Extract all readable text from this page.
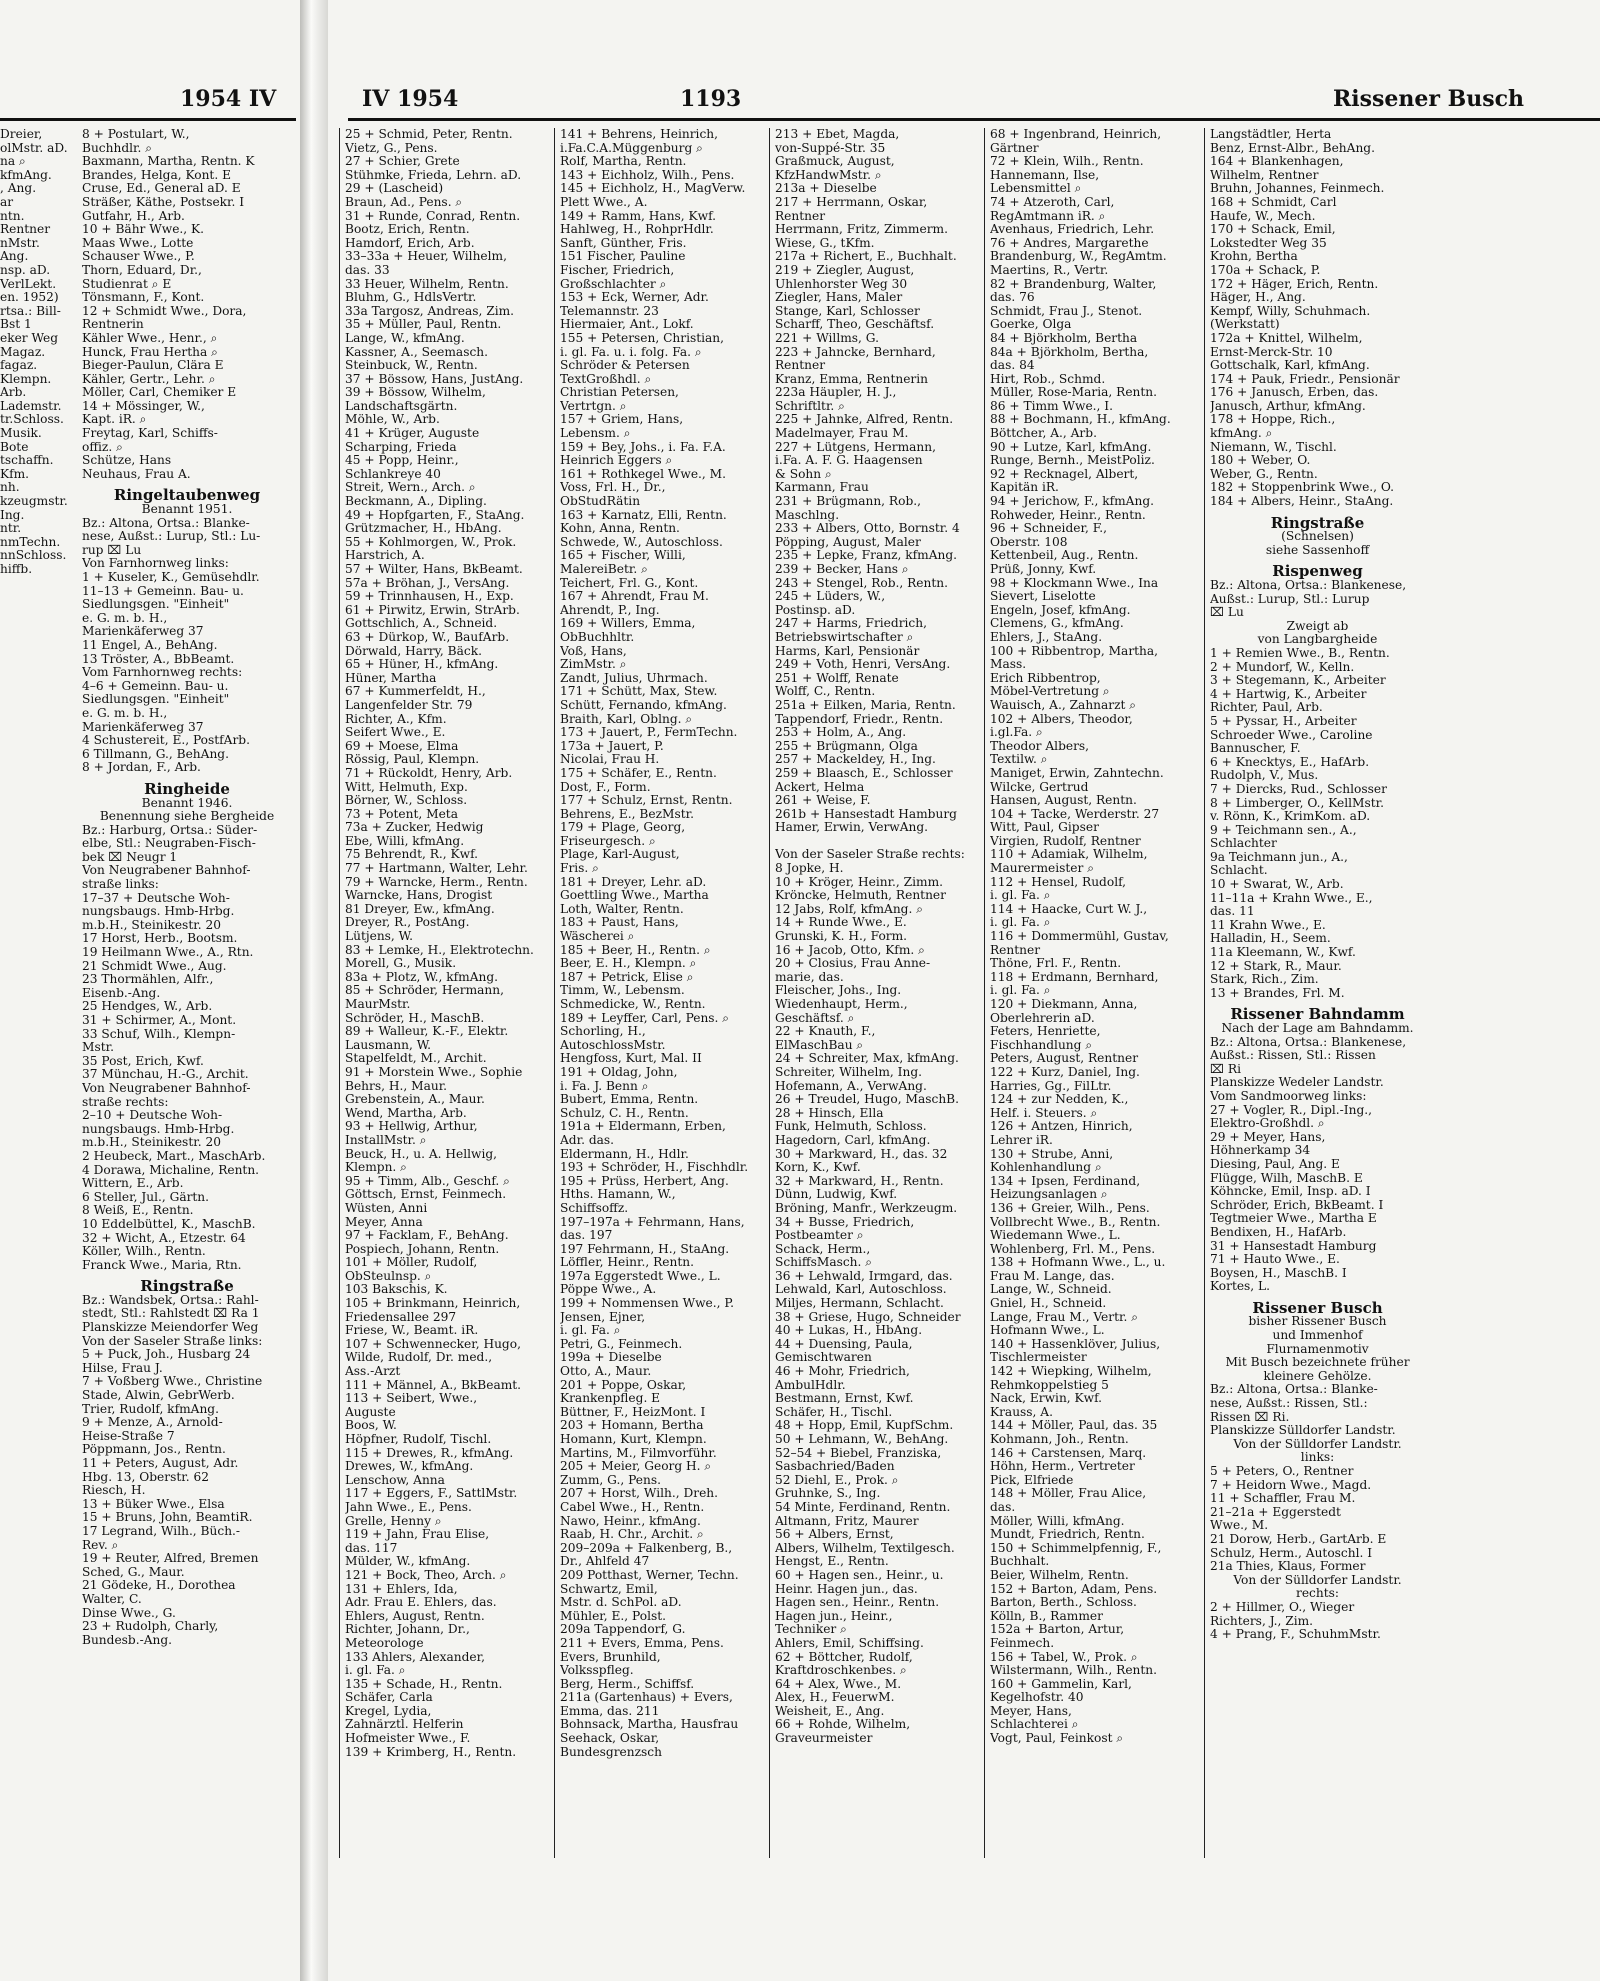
1954 IV
Dreier,
olMstr. aD.
na ⌕
kfmAng.
, Ang.
ar
ntn.
Rentner
nMstr.
Ang.
nsp. aD.
VerlLekt.
en. 1952)
rtsa.: Bill-
Bst 1
eker Weg
Magaz.
fagaz.
Klempn.
Arb.
Lademstr.
tr.Schloss.
Musik.
Bote
tschaffn.
Kfm.
nh.
kzeugmstr.
Ing.
ntr.
nmTechn.
nnSchloss.
hiffb.
IV 1954	1193	Rissener Busch
8 + Postulart, W.,
Buchhdlr. ⌕
Baxmann, Martha, Rentn. K
Brandes, Helga, Kont. E
Cruse, Ed., General aD. E
Sträßer, Käthe, Postsekr. I
Gutfahr, H., Arb.
10 + Bähr Wwe., K.
Maas Wwe., Lotte
Schauser Wwe., P.
Thorn, Eduard, Dr.,
Studienrat ⌕ E
Tönsmann, F., Kont.
12 + Schmidt Wwe., Dora,
Rentnerin
Kähler Wwe., Henr., ⌕
Hunck, Frau Hertha ⌕
Bieger-Paulun, Clära E
Kähler, Gertr., Lehr. ⌕
Möller, Carl, Chemiker E
14 + Mössinger, W.,
Kapt. iR. ⌕
Freytag, Karl, Schiffs-
offiz. ⌕
Schütze, Hans
Neuhaus, Frau A.
Ringeltaubenweg
Benannt 1951.
Bz.: Altona, Ortsa.: Blanke-
nese, Außst.: Lurup, Stl.: Lu-
rup ⌧ Lu
Von Farnhornweg links:
1 + Kuseler, K., Gemüsehdlr.
11–13 + Gemeinn. Bau- u.
Siedlungsgen. "Einheit"
e. G. m. b. H.,
Marienkäferweg 37
11 Engel, A., BehAng.
13 Tröster, A., BbBeamt.
Vom Farnhornweg rechts:
4–6 + Gemeinn. Bau- u.
Siedlungsgen. "Einheit"
e. G. m. b. H.,
Marienkäferweg 37
4 Schustereit, E., PostfArb.
6 Tillmann, G., BehAng.
8 + Jordan, F., Arb.
Ringheide
Benannt 1946.
Benennung siehe Bergheide
Bz.: Harburg, Ortsa.: Süder-
elbe, Stl.: Neugraben-Fisch-
bek ⌧ Neugr 1
Von Neugrabener Bahnhof-
straße links:
17–37 + Deutsche Woh-
nungsbaugs. Hmb-Hrbg.
m.b.H., Steinikestr. 20
17 Horst, Herb., Bootsm.
19 Heilmann Wwe., A., Rtn.
21 Schmidt Wwe., Aug.
23 Thormählen, Alfr.,
Eisenb.-Ang.
25 Hendges, W., Arb.
31 + Schirmer, A., Mont.
33 Schuf, Wilh., Klempn-
Mstr.
35 Post, Erich, Kwf.
37 Münchau, H.-G., Archit.
Von Neugrabener Bahnhof-
straße rechts:
2–10 + Deutsche Woh-
nungsbaugs. Hmb-Hrbg.
m.b.H., Steinikestr. 20
2 Heubeck, Mart., MaschArb.
4 Dorawa, Michaline, Rentn.
Wittern, E., Arb.
6 Steller, Jul., Gärtn.
8 Weiß, E., Rentn.
10 Eddelbüttel, K., MaschB.
32 + Wicht, A., Etzestr. 64
Köller, Wilh., Rentn.
Franck Wwe., Maria, Rtn.
Ringstraße
Bz.: Wandsbek, Ortsa.: Rahl-
stedt, Stl.: Rahlstedt ⌧ Ra 1
Planskizze Meiendorfer Weg
Von der Saseler Straße links:
5 + Puck, Joh., Husbarg 24
Hilse, Frau J.
7 + Voßberg Wwe., Christine
Stade, Alwin, GebrWerb.
Trier, Rudolf, kfmAng.
9 + Menze, A., Arnold-
Heise-Straße 7
Pöppmann, Jos., Rentn.
11 + Peters, August, Adr.
Hbg. 13, Oberstr. 62
Riesch, H.
13 + Büker Wwe., Elsa
15 + Bruns, John, BeamtiR.
17 Legrand, Wilh., Büch.-
Rev. ⌕
19 + Reuter, Alfred, Bremen
Sched, G., Maur.
21 Gödeke, H., Dorothea
Walter, C.
Dinse Wwe., G.
23 + Rudolph, Charly,
Bundesb.-Ang.
25 + Schmid, Peter, Rentn.
Vietz, G., Pens.
27 + Schier, Grete
Stühmke, Frieda, Lehrn. aD.
29 + (Lascheid)
Braun, Ad., Pens. ⌕
31 + Runde, Conrad, Rentn.
Bootz, Erich, Rentn.
Hamdorf, Erich, Arb.
33–33a + Heuer, Wilhelm,
das. 33
33 Heuer, Wilhelm, Rentn.
Bluhm, G., HdlsVertr.
33a Targosz, Andreas, Zim.
35 + Müller, Paul, Rentn.
Lange, W., kfmAng.
Kassner, A., Seemasch.
Steinbuck, W., Rentn.
37 + Bössow, Hans, JustAng.
39 + Bössow, Wilhelm,
Landschaftsgärtn.
Möhle, W., Arb.
41 + Krüger, Auguste
Scharping, Frieda
45 + Popp, Heinr.,
Schlankreye 40
Streit, Wern., Arch. ⌕
Beckmann, A., Dipling.
49 + Hopfgarten, F., StaAng.
Grützmacher, H., HbAng.
55 + Kohlmorgen, W., Prok.
Harstrich, A.
57 + Wilter, Hans, BkBeamt.
57a + Bröhan, J., VersAng.
59 + Trinnhausen, H., Exp.
61 + Pirwitz, Erwin, StrArb.
Gottschlich, A., Schneid.
63 + Dürkop, W., BaufArb.
Dörwald, Harry, Bäck.
65 + Hüner, H., kfmAng.
Hüner, Martha
67 + Kummerfeldt, H.,
Langenfelder Str. 79
Richter, A., Kfm.
Seifert Wwe., E.
69 + Moese, Elma
Rössig, Paul, Klempn.
71 + Rückoldt, Henry, Arb.
Witt, Helmuth, Exp.
Börner, W., Schloss.
73 + Potent, Meta
73a + Zucker, Hedwig
Ebe, Willi, kfmAng.
75 Behrendt, R., Kwf.
77 + Hartmann, Walter, Lehr.
79 + Warncke, Herm., Rentn.
Warncke, Hans, Drogist
81 Dreyer, Ew., kfmAng.
Dreyer, R., PostAng.
Lütjens, W.
83 + Lemke, H., Elektrotechn.
Morell, G., Musik.
83a + Plotz, W., kfmAng.
85 + Schröder, Hermann,
MaurMstr.
Schröder, H., MaschB.
89 + Walleur, K.-F., Elektr.
Lausmann, W.
Stapelfeldt, M., Archit.
91 + Morstein Wwe., Sophie
Behrs, H., Maur.
Grebenstein, A., Maur.
Wend, Martha, Arb.
93 + Hellwig, Arthur,
InstallMstr. ⌕
Beuck, H., u. A. Hellwig,
Klempn. ⌕
95 + Timm, Alb., Geschf. ⌕
Göttsch, Ernst, Feinmech.
Wüsten, Anni
Meyer, Anna
97 + Facklam, F., BehAng.
Pospiech, Johann, Rentn.
101 + Möller, Rudolf,
ObSteulnsp. ⌕
103 Bakschis, K.
105 + Brinkmann, Heinrich,
Friedensallee 297
Friese, W., Beamt. iR.
107 + Schwennecker, Hugo,
Wilde, Rudolf, Dr. med.,
Ass.-Arzt
111 + Männel, A., BkBeamt.
113 + Seibert, Wwe.,
Auguste
Boos, W.
Höpfner, Rudolf, Tischl.
115 + Drewes, R., kfmAng.
Drewes, W., kfmAng.
Lenschow, Anna
117 + Eggers, F., SattlMstr.
Jahn Wwe., E., Pens.
Grelle, Henny ⌕
119 + Jahn, Frau Elise,
das. 117
Mülder, W., kfmAng.
121 + Bock, Theo, Arch. ⌕
131 + Ehlers, Ida,
Adr. Frau E. Ehlers, das.
Ehlers, August, Rentn.
Richter, Johann, Dr.,
Meteorologe
133 Ahlers, Alexander,
i. gl. Fa. ⌕
135 + Schade, H., Rentn.
Schäfer, Carla
Kregel, Lydia,
Zahnärztl. Helferin
Hofmeister Wwe., F.
139 + Krimberg, H., Rentn.
141 + Behrens, Heinrich,
i.Fa.C.A.Müggenburg ⌕
Rolf, Martha, Rentn.
143 + Eichholz, Wilh., Pens.
145 + Eichholz, H., MagVerw.
Plett Wwe., A.
149 + Ramm, Hans, Kwf.
Hahlweg, H., RohprHdlr.
Sanft, Günther, Fris.
151 Fischer, Pauline
Fischer, Friedrich,
Großschlachter ⌕
153 + Eck, Werner, Adr.
Telemannstr. 23
Hiermaier, Ant., Lokf.
155 + Petersen, Christian,
i. gl. Fa. u. i. folg. Fa. ⌕
Schröder & Petersen
TextGroßhdl. ⌕
Christian Petersen,
Vertrtgn. ⌕
157 + Griem, Hans,
Lebensm. ⌕
159 + Bey, Johs., i. Fa. F.A.
Heinrich Eggers ⌕
161 + Rothkegel Wwe., M.
Voss, Frl. H., Dr.,
ObStudRätin
163 + Karnatz, Elli, Rentn.
Kohn, Anna, Rentn.
Schwede, W., Autoschloss.
165 + Fischer, Willi,
MalereiBetr. ⌕
Teichert, Frl. G., Kont.
167 + Ahrendt, Frau M.
Ahrendt, P., Ing.
169 + Willers, Emma,
ObBuchhltr.
Voß, Hans,
ZimMstr. ⌕
Zandt, Julius, Uhrmach.
171 + Schütt, Max, Stew.
Schütt, Fernando, kfmAng.
Braith, Karl, Oblng. ⌕
173 + Jauert, P., FermTechn.
173a + Jauert, P.
Nicolai, Frau H.
175 + Schäfer, E., Rentn.
Dost, F., Form.
177 + Schulz, Ernst, Rentn.
Behrens, E., BezMstr.
179 + Plage, Georg,
Friseurgesch. ⌕
Plage, Karl-August,
Fris. ⌕
181 + Dreyer, Lehr. aD.
Goettling Wwe., Martha
Loth, Walter, Rentn.
183 + Paust, Hans,
Wäscherei ⌕
185 + Beer, H., Rentn. ⌕
Beer, E. H., Klempn. ⌕
187 + Petrick, Elise ⌕
Timm, W., Lebensm.
Schmedicke, W., Rentn.
189 + Leyffer, Carl, Pens. ⌕
Schorling, H.,
AutoschlossMstr.
Hengfoss, Kurt, Mal. II
191 + Oldag, John,
i. Fa. J. Benn ⌕
Bubert, Emma, Rentn.
Schulz, C. H., Rentn.
191a + Eldermann, Erben,
Adr. das.
Eldermann, H., Hdlr.
193 + Schröder, H., Fischhdlr.
195 + Prüss, Herbert, Ang.
Hths. Hamann, W.,
Schiffsoffz.
197–197a + Fehrmann, Hans,
das. 197
197 Fehrmann, H., StaAng.
Löffler, Heinr., Rentn.
197a Eggerstedt Wwe., L.
Pöppe Wwe., A.
199 + Nommensen Wwe., P.
Jensen, Ejner,
i. gl. Fa. ⌕
Petri, G., Feinmech.
199a + Dieselbe
Otto, A., Maur.
201 + Poppe, Oskar,
Krankenpfleg. E
Büttner, F., HeizMont. I
203 + Homann, Bertha
Homann, Kurt, Klempn.
Martins, M., Filmvorführ.
205 + Meier, Georg H. ⌕
Zumm, G., Pens.
207 + Horst, Wilh., Dreh.
Cabel Wwe., H., Rentn.
Nawo, Heinr., kfmAng.
Raab, H. Chr., Archit. ⌕
209–209a + Falkenberg, B.,
Dr., Ahlfeld 47
209 Potthast, Werner, Techn.
Schwartz, Emil,
Mstr. d. SchPol. aD.
Mühler, E., Polst.
209a Tappendorf, G.
211 + Evers, Emma, Pens.
Evers, Brunhild,
Volksspfleg.
Berg, Herm., Schiffsf.
211a (Gartenhaus) + Evers,
Emma, das. 211
Bohnsack, Martha, Hausfrau
Seehack, Oskar,
Bundesgrenzsch
213 + Ebet, Magda,
von-Suppé-Str. 35
Graßmuck, August,
KfzHandwMstr. ⌕
213a + Dieselbe
217 + Herrmann, Oskar,
Rentner
Herrmann, Fritz, Zimmerm.
Wiese, G., tKfm.
217a + Richert, E., Buchhalt.
219 + Ziegler, August,
Uhlenhorster Weg 30
Ziegler, Hans, Maler
Stange, Karl, Schlosser
Scharff, Theo, Geschäftsf.
221 + Willms, G.
223 + Jahncke, Bernhard,
Rentner
Kranz, Emma, Rentnerin
223a Häupler, H. J.,
Schriftltr. ⌕
225 + Jahnke, Alfred, Rentn.
Madelmayer, Frau M.
227 + Lütgens, Hermann,
i.Fa. A. F. G. Haagensen
& Sohn ⌕
Karmann, Frau
231 + Brügmann, Rob.,
Maschlng.
233 + Albers, Otto, Bornstr. 4
Pöpping, August, Maler
235 + Lepke, Franz, kfmAng.
239 + Becker, Hans ⌕
243 + Stengel, Rob., Rentn.
245 + Lüders, W.,
Postinsp. aD.
247 + Harms, Friedrich,
Betriebswirtschafter ⌕
Harms, Karl, Pensionär
249 + Voth, Henri, VersAng.
251 + Wolff, Renate
Wolff, C., Rentn.
251a + Eilken, Maria, Rentn.
Tappendorf, Friedr., Rentn.
253 + Holm, A., Ang.
255 + Brügmann, Olga
257 + Mackeldey, H., Ing.
259 + Blaasch, E., Schlosser
Ackert, Helma
261 + Weise, F.
261b + Hansestadt Hamburg
Hamer, Erwin, VerwAng.

Von der Saseler Straße rechts:
8 Jopke, H.
10 + Kröger, Heinr., Zimm.
Kröncke, Helmuth, Rentner
12 Jabs, Rolf, kfmAng. ⌕
14 + Runde Wwe., E.
Grunski, K. H., Form.
16 + Jacob, Otto, Kfm. ⌕
20 + Closius, Frau Anne-
marie, das.
Fleischer, Johs., Ing.
Wiedenhaupt, Herm.,
Geschäftsf. ⌕
22 + Knauth, F.,
ElMaschBau ⌕
24 + Schreiter, Max, kfmAng.
Schreiter, Wilhelm, Ing.
Hofemann, A., VerwAng.
26 + Treudel, Hugo, MaschB.
28 + Hinsch, Ella
Funk, Helmuth, Schloss.
Hagedorn, Carl, kfmAng.
30 + Markward, H., das. 32
Korn, K., Kwf.
32 + Markward, H., Rentn.
Dünn, Ludwig, Kwf.
Bröning, Manfr., Werkzeugm.
34 + Busse, Friedrich,
Postbeamter ⌕
Schack, Herm.,
SchiffsMasch. ⌕
36 + Lehwald, Irmgard, das.
Lehwald, Karl, Autoschloss.
Miljes, Hermann, Schlacht.
38 + Griese, Hugo, Schneider
40 + Lukas, H., HbAng.
44 + Duensing, Paula,
Gemischtwaren
46 + Mohr, Friedrich,
AmbulHdlr.
Bestmann, Ernst, Kwf.
Schäfer, H., Tischl.
48 + Hopp, Emil, KupfSchm.
50 + Lehmann, W., BehAng.
52–54 + Biebel, Franziska,
Sasbachried/Baden
52 Diehl, E., Prok. ⌕
Gruhnke, S., Ing.
54 Minte, Ferdinand, Rentn.
Altmann, Fritz, Maurer
56 + Albers, Ernst,
Albers, Wilhelm, Textilgesch.
Hengst, E., Rentn.
60 + Hagen sen., Heinr., u.
Heinr. Hagen jun., das.
Hagen sen., Heinr., Rentn.
Hagen jun., Heinr.,
Techniker ⌕
Ahlers, Emil, Schiffsing.
62 + Böttcher, Rudolf,
Kraftdroschkenbes. ⌕
64 + Alex, Wwe., M.
Alex, H., FeuerwM.
Weisheit, E., Ang.
66 + Rohde, Wilhelm,
Graveurmeister
68 + Ingenbrand, Heinrich,
Gärtner
72 + Klein, Wilh., Rentn.
Hannemann, Ilse,
Lebensmittel ⌕
74 + Atzeroth, Carl,
RegAmtmann iR. ⌕
Avenhaus, Friedrich, Lehr.
76 + Andres, Margarethe
Brandenburg, W., RegAmtm.
Maertins, R., Vertr.
82 + Brandenburg, Walter,
das. 76
Schmidt, Frau J., Stenot.
Goerke, Olga
84 + Björkholm, Bertha
84a + Björkholm, Bertha,
das. 84
Hirt, Rob., Schmd.
Müller, Rose-Maria, Rentn.
86 + Timm Wwe., I.
88 + Bochmann, H., kfmAng.
Böttcher, A., Arb.
90 + Lutze, Karl, kfmAng.
Runge, Bernh., MeistPoliz.
92 + Recknagel, Albert,
Kapitän iR.
94 + Jerichow, F., kfmAng.
Rohweder, Heinr., Rentn.
96 + Schneider, F.,
Oberstr. 108
Kettenbeil, Aug., Rentn.
Prüß, Jonny, Kwf.
98 + Klockmann Wwe., Ina
Sievert, Liselotte
Engeln, Josef, kfmAng.
Clemens, G., kfmAng.
Ehlers, J., StaAng.
100 + Ribbentrop, Martha,
Mass.
Erich Ribbentrop,
Möbel-Vertretung ⌕
Wauisch, A., Zahnarzt ⌕
102 + Albers, Theodor,
i.gl.Fa. ⌕
Theodor Albers,
Textilw. ⌕
Maniget, Erwin, Zahntechn.
Wilcke, Gertrud
Hansen, August, Rentn.
104 + Tacke, Werderstr. 27
Witt, Paul, Gipser
Virgien, Rudolf, Rentner
110 + Adamiak, Wilhelm,
Maurermeister ⌕
112 + Hensel, Rudolf,
i. gl. Fa. ⌕
114 + Haacke, Curt W. J.,
i. gl. Fa. ⌕
116 + Dommermühl, Gustav,
Rentner
Thöne, Frl. F., Rentn.
118 + Erdmann, Bernhard,
i. gl. Fa. ⌕
120 + Diekmann, Anna,
Oberlehrerin aD.
Feters, Henriette,
Fischhandlung ⌕
Peters, August, Rentner
122 + Kurz, Daniel, Ing.
Harries, Gg., FilLtr.
124 + zur Nedden, K.,
Helf. i. Steuers. ⌕
126 + Antzen, Hinrich,
Lehrer iR.
130 + Strube, Anni,
Kohlenhandlung ⌕
134 + Ipsen, Ferdinand,
Heizungsanlagen ⌕
136 + Greier, Wilh., Pens.
Vollbrecht Wwe., B., Rentn.
Wiedemann Wwe., L.
Wohlenberg, Frl. M., Pens.
138 + Hofmann Wwe., L., u.
Frau M. Lange, das.
Lange, W., Schneid.
Gniel, H., Schneid.
Lange, Frau M., Vertr. ⌕
Hofmann Wwe., L.
140 + Hassenklöver, Julius,
Tischlermeister
142 + Wiepking, Wilhelm,
Rehmkoppelstieg 5
Nack, Erwin, Kwf.
Krauss, A.
144 + Möller, Paul, das. 35
Kohmann, Joh., Rentn.
146 + Carstensen, Marq.
Höhn, Herm., Vertreter
Pick, Elfriede
148 + Möller, Frau Alice,
das.
Möller, Willi, kfmAng.
Mundt, Friedrich, Rentn.
150 + Schimmelpfennig, F.,
Buchhalt.
Beier, Wilhelm, Rentn.
152 + Barton, Adam, Pens.
Barton, Berth., Schloss.
Kölln, B., Rammer
152a + Barton, Artur,
Feinmech.
156 + Tabel, W., Prok. ⌕
Wilstermann, Wilh., Rentn.
160 + Gammelin, Karl,
Kegelhofstr. 40
Meyer, Hans,
Schlachterei ⌕
Vogt, Paul, Feinkost ⌕
Langstädtler, Herta
Benz, Ernst-Albr., BehAng.
164 + Blankenhagen,
Wilhelm, Rentner
Bruhn, Johannes, Feinmech.
168 + Schmidt, Carl
Haufe, W., Mech.
170 + Schack, Emil,
Lokstedter Weg 35
Krohn, Bertha
170a + Schack, P.
172 + Häger, Erich, Rentn.
Häger, H., Ang.
Kempf, Willy, Schuhmach.
(Werkstatt)
172a + Knittel, Wilhelm,
Ernst-Merck-Str. 10
Gottschalk, Karl, kfmAng.
174 + Pauk, Friedr., Pensionär
176 + Janusch, Erben, das.
Janusch, Arthur, kfmAng.
178 + Hoppe, Rich.,
kfmAng. ⌕
Niemann, W., Tischl.
180 + Weber, O.
Weber, G., Rentn.
182 + Stoppenbrink Wwe., O.
184 + Albers, Heinr., StaAng.
Ringstraße
(Schnelsen)
siehe Sassenhoff
Rispenweg
Bz.: Altona, Ortsa.: Blankenese,
Außst.: Lurup, Stl.: Lurup
⌧ Lu
Zweigt ab
von Langbargheide
1 + Remien Wwe., B., Rentn.
2 + Mundorf, W., Kelln.
3 + Stegemann, K., Arbeiter
4 + Hartwig, K., Arbeiter
Richter, Paul, Arb.
5 + Pyssar, H., Arbeiter
Schroeder Wwe., Caroline
Bannuscher, F.
6 + Knecktys, E., HafArb.
Rudolph, V., Mus.
7 + Diercks, Rud., Schlosser
8 + Limberger, O., KellMstr.
v. Rönn, K., KrimKom. aD.
9 + Teichmann sen., A.,
Schlachter
9a Teichmann jun., A.,
Schlacht.
10 + Swarat, W., Arb.
11–11a + Krahn Wwe., E.,
das. 11
11 Krahn Wwe., E.
Halladin, H., Seem.
11a Kleemann, W., Kwf.
12 + Stark, R., Maur.
Stark, Rich., Zim.
13 + Brandes, Frl. M.
Rissener Bahndamm
Nach der Lage am Bahndamm.
Bz.: Altona, Ortsa.: Blankenese,
Außst.: Rissen, Stl.: Rissen
⌧ Ri
Planskizze Wedeler Landstr.
Vom Sandmoorweg links:
27 + Vogler, R., Dipl.-Ing.,
Elektro-Großhdl. ⌕
29 + Meyer, Hans,
Höhnerkamp 34
Diesing, Paul, Ang. E
Flügge, Wilh, MaschB. E
Köhncke, Emil, Insp. aD. I
Schröder, Erich, BkBeamt. I
Tegtmeier Wwe., Martha E
Bendixen, H., HafArb.
31 + Hansestadt Hamburg
71 + Hauto Wwe., E.
Boysen, H., MaschB. I
Kortes, L.
Rissener Busch
bisher Rissener Busch
und Immenhof
Flurnamenmotiv
Mit Busch bezeichnete früher
kleinere Gehölze.
Bz.: Altona, Ortsa.: Blanke-
nese, Außst.: Rissen, Stl.:
Rissen ⌧ Ri.
Planskizze Sülldorfer Landstr.
Von der Sülldorfer Landstr.
links:
5 + Peters, O., Rentner
7 + Heidorn Wwe., Magd.
11 + Schaffler, Frau M.
21–21a + Eggerstedt
Wwe., M.
21 Dorow, Herb., GartArb. E
Schulz, Herm., Autoschl. I
21a Thies, Klaus, Former
Von der Sülldorfer Landstr.
rechts:
2 + Hillmer, O., Wieger
Richters, J., Zim.
4 + Prang, F., SchuhmMstr.
